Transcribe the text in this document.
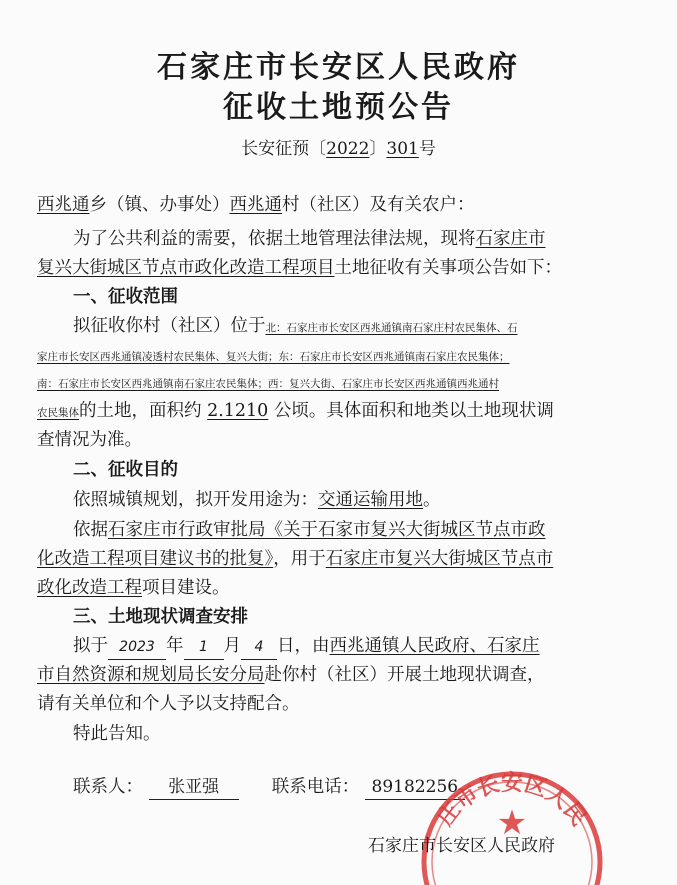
石家庄市长安区人民政府
征收土地预公告
长安征预〔2022〕301号
西兆通乡（镇、办事处）西兆通村（社区）及有关农户：
为了公共利益的需要，依据土地管理法律法规，现将石家庄市
复兴大街城区节点市政化改造工程项目土地征收有关事项公告如下：
一、征收范围
拟征收你村（社区）位于北：石家庄市长安区西兆通镇南石家庄村农民集体、石
家庄市长安区西兆通镇凌透村农民集体、复兴大街；东：石家庄市长安区西兆通镇南石家庄农民集体；
南：石家庄市长安区西兆通镇南石家庄农民集体；西：复兴大街、石家庄市长安区西兆通镇西兆通村
农民集体的土地，面积约 2.1210 公顷。具体面积和地类以土地现状调
查情况为准。
二、征收目的
依照城镇规划，拟开发用途为：交通运输用地。
依据石家庄市行政审批局《关于石家市复兴大街城区节点市政
化改造工程项目建议书的批复》，用于石家庄市复兴大街城区节点市
政化改造工程项目建设。
三、土地现状调查安排
拟于 2023 年 1 月 4 日，由西兆通镇人民政府、石家庄
市自然资源和规划局长安分局赴你村（社区）开展土地现状调查，
请有关单位和个人予以支持配合。
特此告知。
联系人： 张亚强	联系电话： 89182256
庄市长安区人民
★
石家庄市长安区人民政府
